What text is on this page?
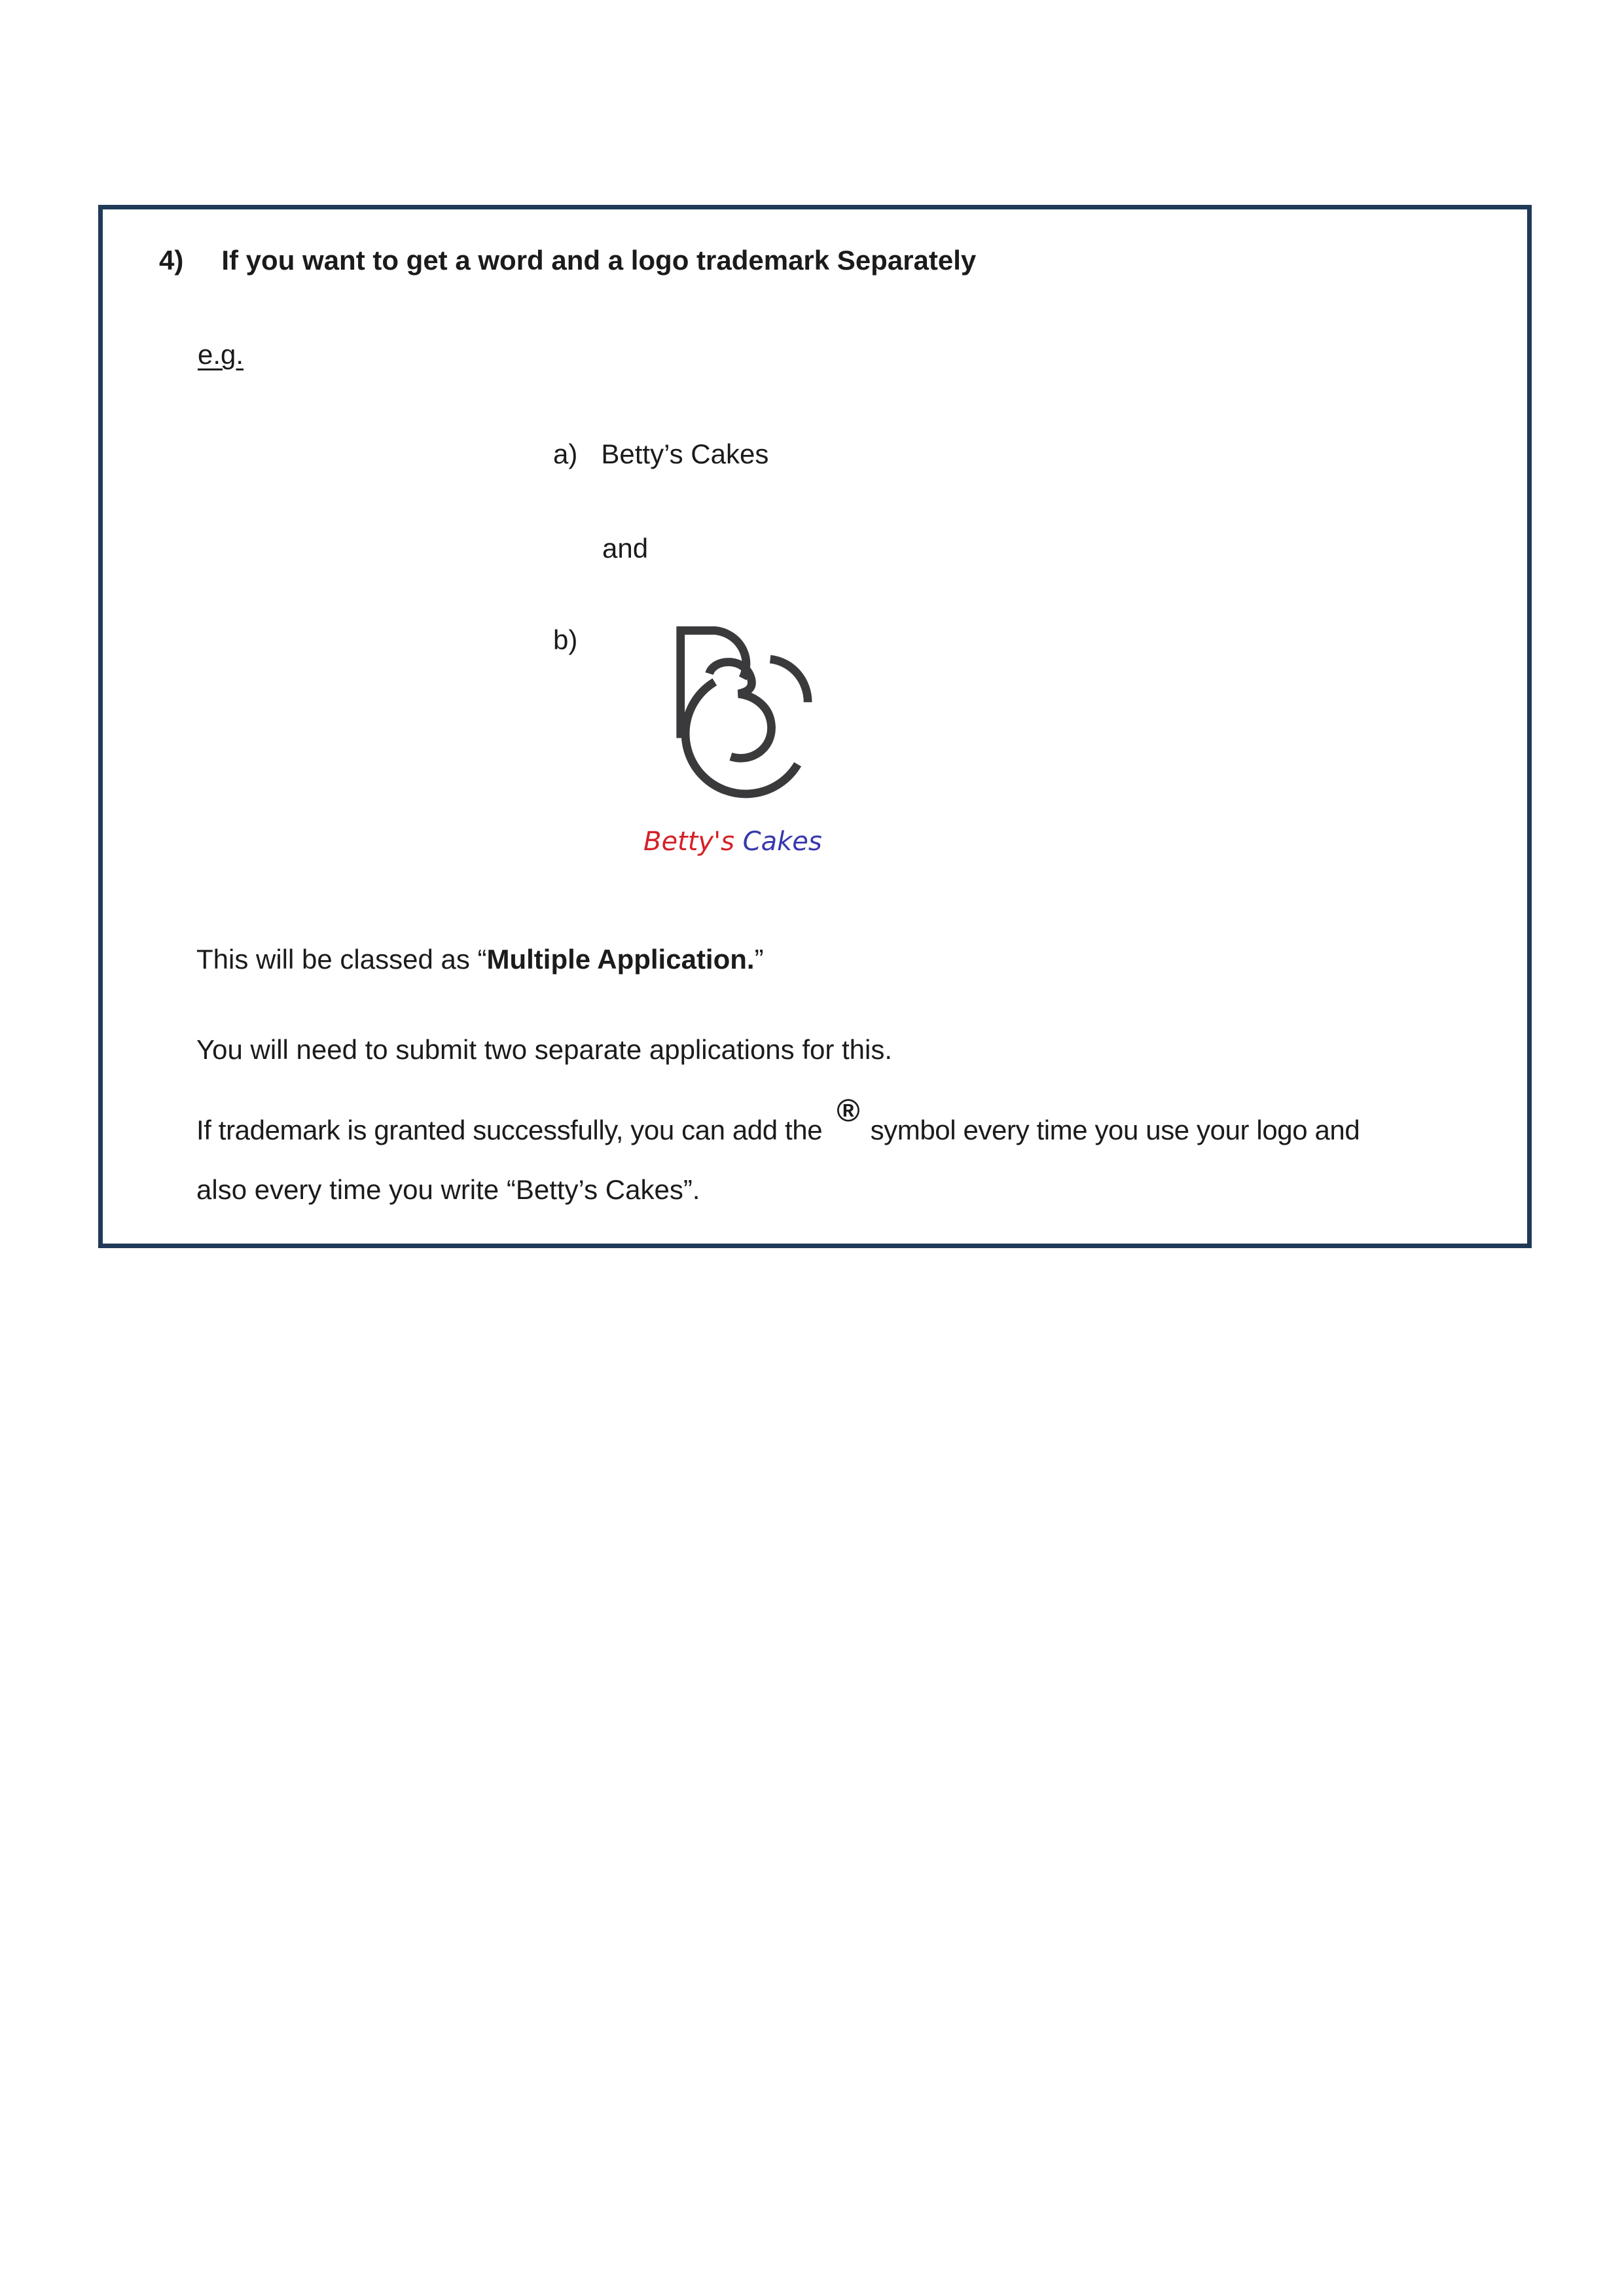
4) If you want to get a word and a logo trademark Separately
e.g.
a) Betty’s Cakes
and
b)
Betty's Cakes
This will be classed as “Multiple Application.”
You will need to submit two separate applications for this.
If trademark is granted successfully, you can add the®symbol every time you use your logo and
also every time you write “Betty’s Cakes”.
